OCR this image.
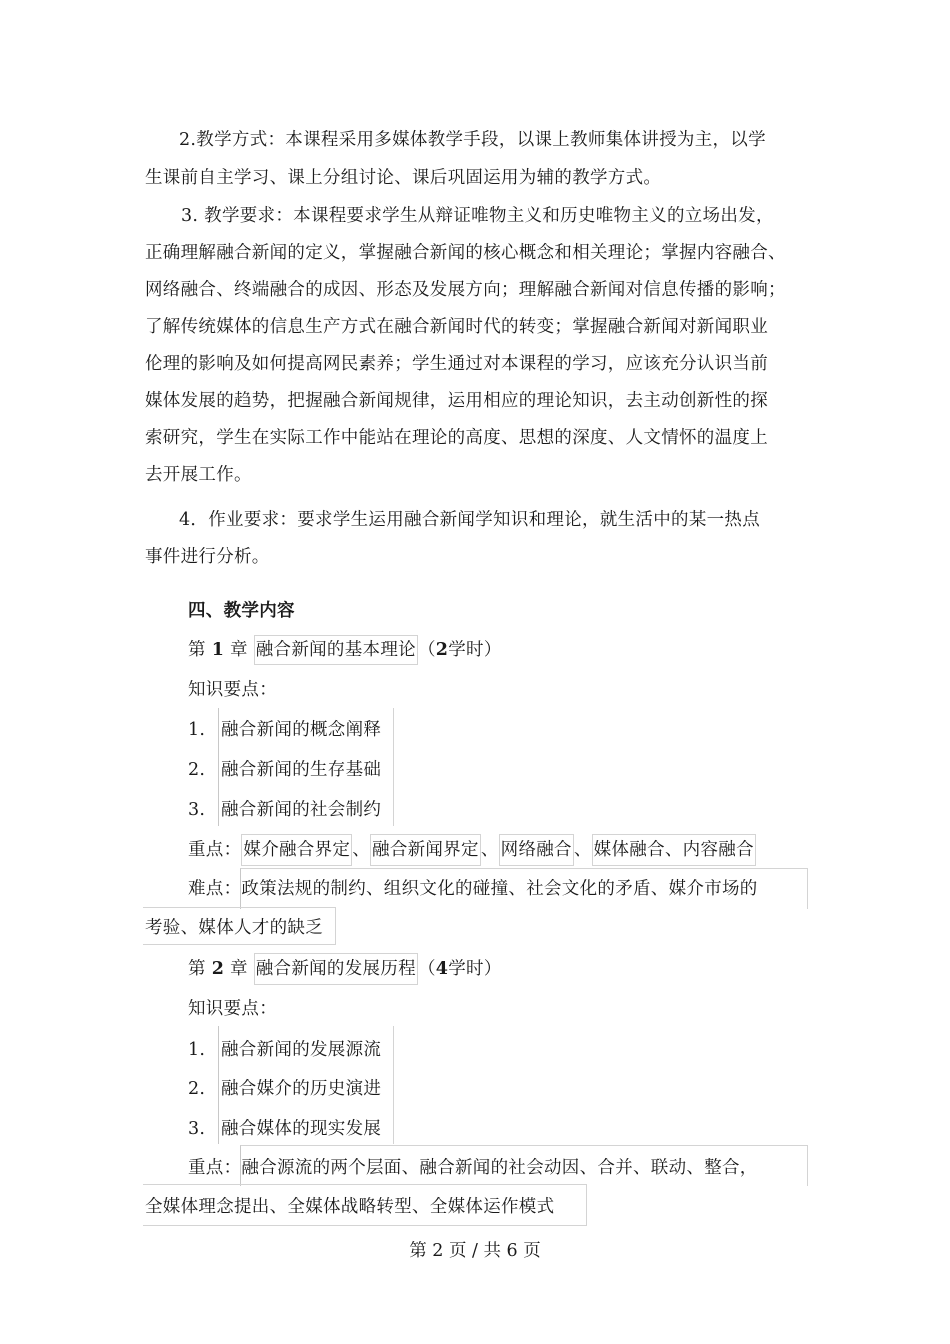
2.教学方式：本课程采用多媒体教学手段，以课上教师集体讲授为主，以学
生课前自主学习、课上分组讨论、课后巩固运用为辅的教学方式。
3. 教学要求：本课程要求学生从辩证唯物主义和历史唯物主义的立场出发，
正确理解融合新闻的定义，掌握融合新闻的核心概念和相关理论；掌握内容融合、
网络融合、终端融合的成因、形态及发展方向；理解融合新闻对信息传播的影响；
了解传统媒体的信息生产方式在融合新闻时代的转变；掌握融合新闻对新闻职业
伦理的影响及如何提高网民素养；学生通过对本课程的学习，应该充分认识当前
媒体发展的趋势，把握融合新闻规律，运用相应的理论知识，去主动创新性的探
索研究，学生在实际工作中能站在理论的高度、思想的深度、人文情怀的温度上
去开展工作。
4．作业要求：要求学生运用融合新闻学知识和理论，就生活中的某一热点
事件进行分析。
四、教学内容
第 1 章 融合新闻的基本理论 （2学时）
知识要点：
1. 融合新闻的概念阐释
2. 融合新闻的生存基础
3. 融合新闻的社会制约
重点： 媒介融合界定 、 融合新闻界定 、 网络融合 、 媒体融合、内容融合
难点：政策法规的制约、组织文化的碰撞、社会文化的矛盾、媒介市场的
考验、媒体人才的缺乏
第 2 章 融合新闻的发展历程 （4学时）
知识要点：
1. 融合新闻的发展源流
2. 融合媒介的历史演进
3. 融合媒体的现实发展
重点：融合源流的两个层面、融合新闻的社会动因、合并、联动、整合，
全媒体理念提出、全媒体战略转型、全媒体运作模式
第 2 页 / 共 6 页
